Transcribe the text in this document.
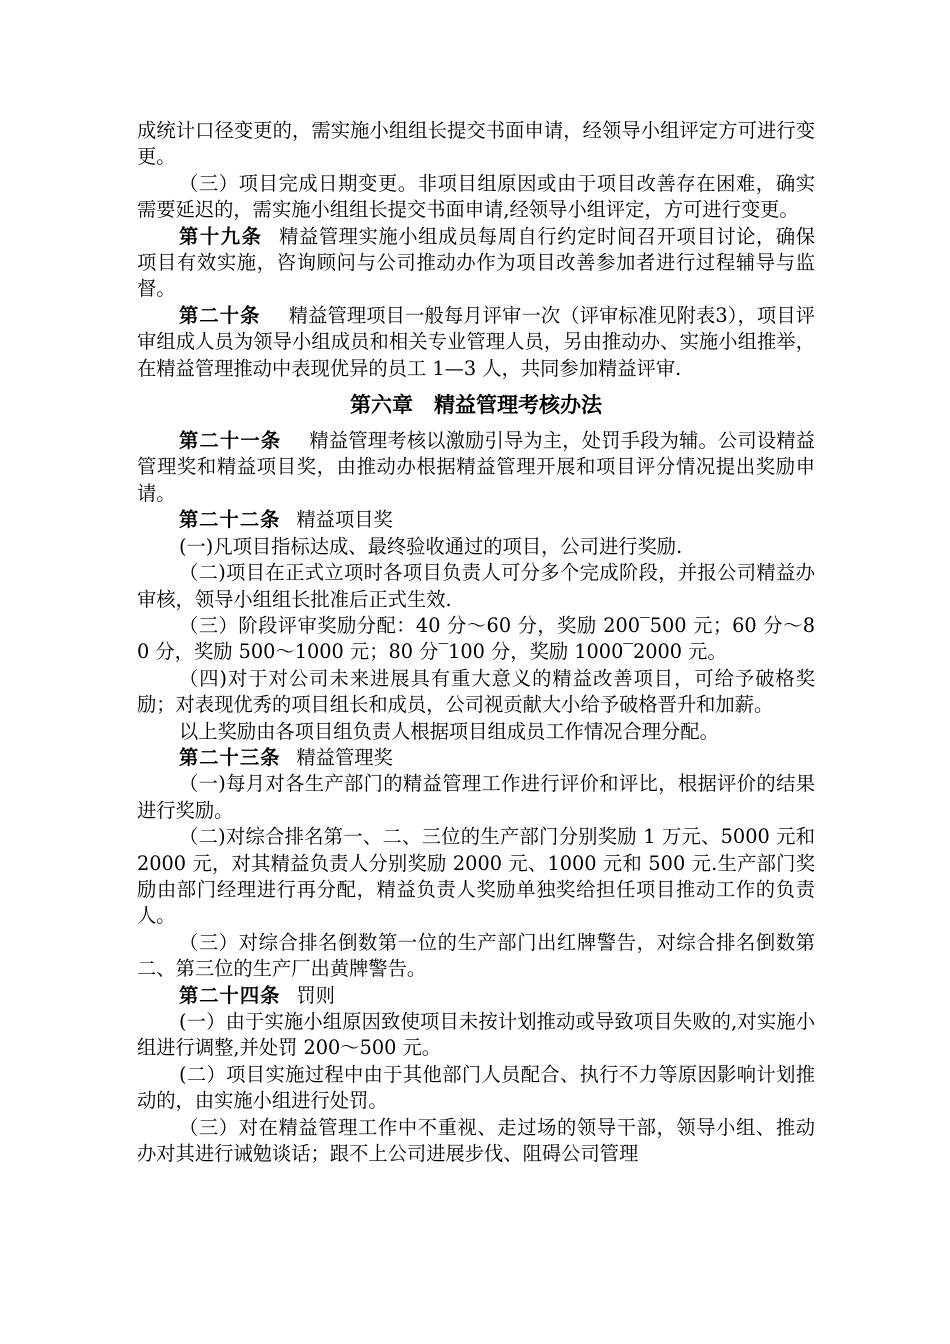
成统计口径变更的，需实施小组组长提交书面申请，经领导小组评定方可进行变更。

（三）项目完成日期变更。非项目组原因或由于项目改善存在困难，确实需要延迟的，需实施小组组长提交书面申请,经领导小组评定，方可进行变更。

第十九条 精益管理实施小组成员每周自行约定时间召开项目讨论，确保项目有效实施，咨询顾问与公司推动办作为项目改善参加者进行过程辅导与监督。

第二十条 精益管理项目一般每月评审一次（评审标准见附表3），项目评审组成人员为领导小组成员和相关专业管理人员，另由推动办、实施小组推举，在精益管理推动中表现优异的员工 1—3 人，共同参加精益评审.

第六章　精益管理考核办法

第二十一条 精益管理考核以激励引导为主，处罚手段为辅。公司设精益管理奖和精益项目奖，由推动办根据精益管理开展和项目评分情况提出奖励申请。

第二十二条 精益项目奖

(一)凡项目指标达成、最终验收通过的项目，公司进行奖励.

（二)项目在正式立项时各项目负责人可分多个完成阶段，并报公司精益办审核，领导小组组长批准后正式生效.

（三）阶段评审奖励分配：40 分～60 分，奖励 200‾500 元；60 分～80 分，奖励 500～1000 元；80 分‾100 分，奖励 1000‾2000 元。

（四)对于对公司未来进展具有重大意义的精益改善项目，可给予破格奖励；对表现优秀的项目组长和成员，公司视贡献大小给予破格晋升和加薪。

以上奖励由各项目组负责人根据项目组成员工作情况合理分配。

第二十三条 精益管理奖

（一)每月对各生产部门的精益管理工作进行评价和评比，根据评价的结果进行奖励。

（二)对综合排名第一、二、三位的生产部门分别奖励 1 万元、5000 元和 2000 元，对其精益负责人分别奖励 2000 元、1000 元和 500 元.生产部门奖励由部门经理进行再分配，精益负责人奖励单独奖给担任项目推动工作的负责人。

（三）对综合排名倒数第一位的生产部门出红牌警告，对综合排名倒数第二、第三位的生产厂出黄牌警告。

第二十四条 罚则

(一）由于实施小组原因致使项目未按计划推动或导致项目失败的,对实施小组进行调整,并处罚 200～500 元。

(二）项目实施过程中由于其他部门人员配合、执行不力等原因影响计划推动的，由实施小组进行处罚。

（三）对在精益管理工作中不重视、走过场的领导干部，领导小组、推动办对其进行诫勉谈话；跟不上公司进展步伐、阻碍公司管理
